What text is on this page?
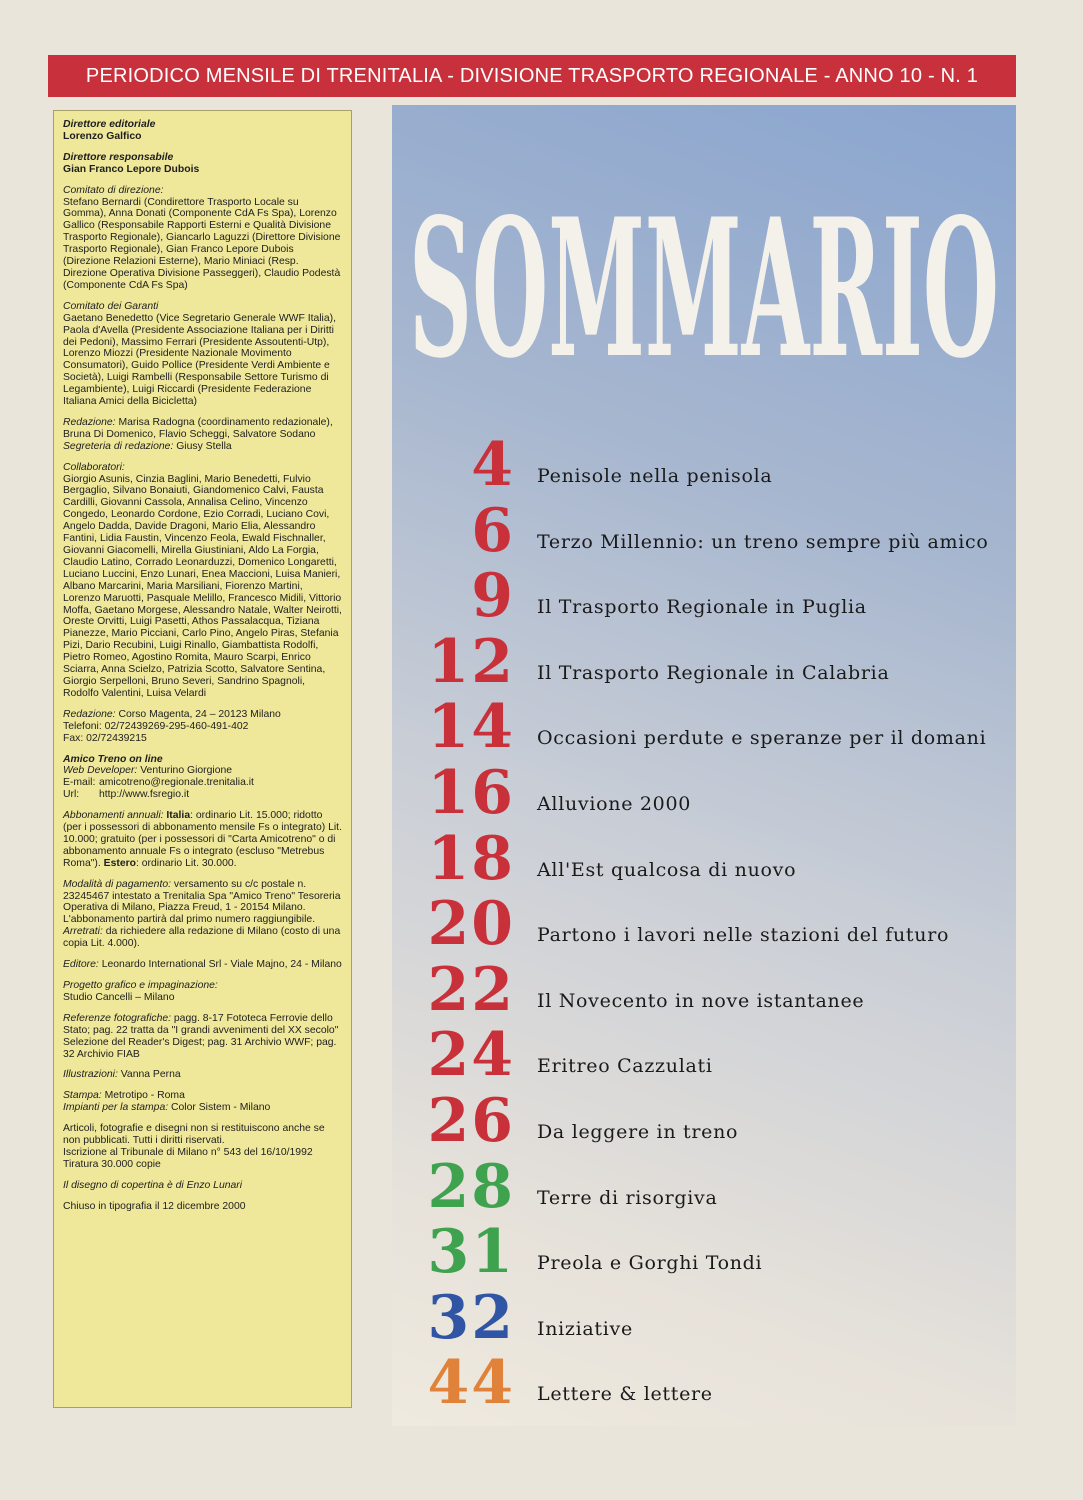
PERIODICO MENSILE DI TRENITALIA - DIVISIONE TRASPORTO REGIONALE - ANNO 10 - N. 1

Direttore editoriale
Lorenzo Galfico

Direttore responsabile
Gian Franco Lepore Dubois

Comitato di direzione:
Stefano Bernardi (Condirettore Trasporto Locale su Gomma), Anna Donati (Componente CdA Fs Spa), Lorenzo Gallico (Responsabile Rapporti Esterni e Qualità Divisione Trasporto Regionale), Giancarlo Laguzzi (Direttore Divisione Trasporto Regionale), Gian Franco Lepore Dubois (Direzione Relazioni Esterne), Mario Miniaci (Resp. Direzione Operativa Divisione Passeggeri), Claudio Podestà (Componente CdA Fs Spa)

Comitato dei Garanti
Gaetano Benedetto (Vice Segretario Generale WWF Italia), Paola d'Avella (Presidente Associazione Italiana per i Diritti dei Pedoni), Massimo Ferrari (Presidente Assoutenti-Utp), Lorenzo Miozzi (Presidente Nazionale Movimento Consumatori), Guido Pollice (Presidente Verdi Ambiente e Società), Luigi Rambelli (Responsabile Settore Turismo di Legambiente), Luigi Riccardi (Presidente Federazione Italiana Amici della Bicicletta)

Redazione: Marisa Radogna (coordinamento redazionale), Bruna Di Domenico, Flavio Scheggi, Salvatore Sodano
Segreteria di redazione: Giusy Stella

Collaboratori:
Giorgio Asunis, Cinzia Baglini, Mario Benedetti, Fulvio Bergaglio, Silvano Bonaiuti, Giandomenico Calvi, Fausta Cardilli, Giovanni Cassola, Annalisa Celino, Vincenzo Congedo, Leonardo Cordone, Ezio Corradi, Luciano Covi, Angelo Dadda, Davide Dragoni, Mario Elia, Alessandro Fantini, Lidia Faustin, Vincenzo Feola, Ewald Fischnaller, Giovanni Giacomelli, Mirella Giustiniani, Aldo La Forgia, Claudio Latino, Corrado Leonarduzzi, Domenico Longaretti, Luciano Luccini, Enzo Lunari, Enea Maccioni, Luisa Manieri, Albano Marcarini, Maria Marsiliani, Fiorenzo Martini, Lorenzo Maruotti, Pasquale Melillo, Francesco Midili, Vittorio Moffa, Gaetano Morgese, Alessandro Natale, Walter Neirotti, Oreste Orvitti, Luigi Pasetti, Athos Passalacqua, Tiziana Pianezze, Mario Picciani, Carlo Pino, Angelo Piras, Stefania Pizi, Dario Recubini, Luigi Rinallo, Giambattista Rodolfi, Pietro Romeo, Agostino Romita, Mauro Scarpi, Enrico Sciarra, Anna Scielzo, Patrizia Scotto, Salvatore Sentina, Giorgio Serpelloni, Bruno Severi, Sandrino Spagnoli, Rodolfo Valentini, Luisa Velardi

Redazione: Corso Magenta, 24 – 20123 Milano
Telefoni: 02/72439269-295-460-491-402
Fax: 02/72439215

Amico Treno on line
Web Developer: Venturino Giorgione
E-mail: amicotreno@regionale.trenitalia.it
Url:	http://www.fsregio.it

Abbonamenti annuali: Italia: ordinario Lit. 15.000; ridotto (per i possessori di abbonamento mensile Fs o integrato) Lit. 10.000; gratuito (per i possessori di "Carta Amicotreno" o di abbonamento annuale Fs o integrato (escluso "Metrebus Roma"). Estero: ordinario Lit. 30.000.

Modalità di pagamento: versamento su c/c postale n. 23245467 intestato a Trenitalia Spa "Amico Treno" Tesoreria Operativa di Milano, Piazza Freud, 1 - 20154 Milano. L'abbonamento partirà dal primo numero raggiungibile.
Arretrati: da richiedere alla redazione di Milano (costo di una copia Lit. 4.000).

Editore: Leonardo International Srl - Viale Majno, 24 - Milano

Progetto grafico e impaginazione:
Studio Cancelli – Milano

Referenze fotografiche: pagg. 8-17 Fototeca Ferrovie dello Stato; pag. 22 tratta da "I grandi avvenimenti del XX secolo" Selezione del Reader's Digest; pag. 31 Archivio WWF; pag. 32 Archivio FIAB

Illustrazioni: Vanna Perna

Stampa: Metrotipo - Roma
Impianti per la stampa: Color Sistem - Milano

Articoli, fotografie e disegni non si restituiscono anche se non pubblicati. Tutti i diritti riservati.
Iscrizione al Tribunale di Milano n° 543 del 16/10/1992
Tiratura 30.000 copie

Il disegno di copertina è di Enzo Lunari

Chiuso in tipografia il 12 dicembre 2000

SOMMARIO
4 Penisole nella penisola
6 Terzo Millennio: un treno sempre più amico
9 Il Trasporto Regionale in Puglia
12 Il Trasporto Regionale in Calabria
14 Occasioni perdute e speranze per il domani
16 Alluvione 2000
18 All'Est qualcosa di nuovo
20 Partono i lavori nelle stazioni del futuro
22 Il Novecento in nove istantanee
24 Eritreo Cazzulati
26 Da leggere in treno
28 Terre di risorgiva
31 Preola e Gorghi Tondi
32 Iniziative
44 Lettere & lettere
